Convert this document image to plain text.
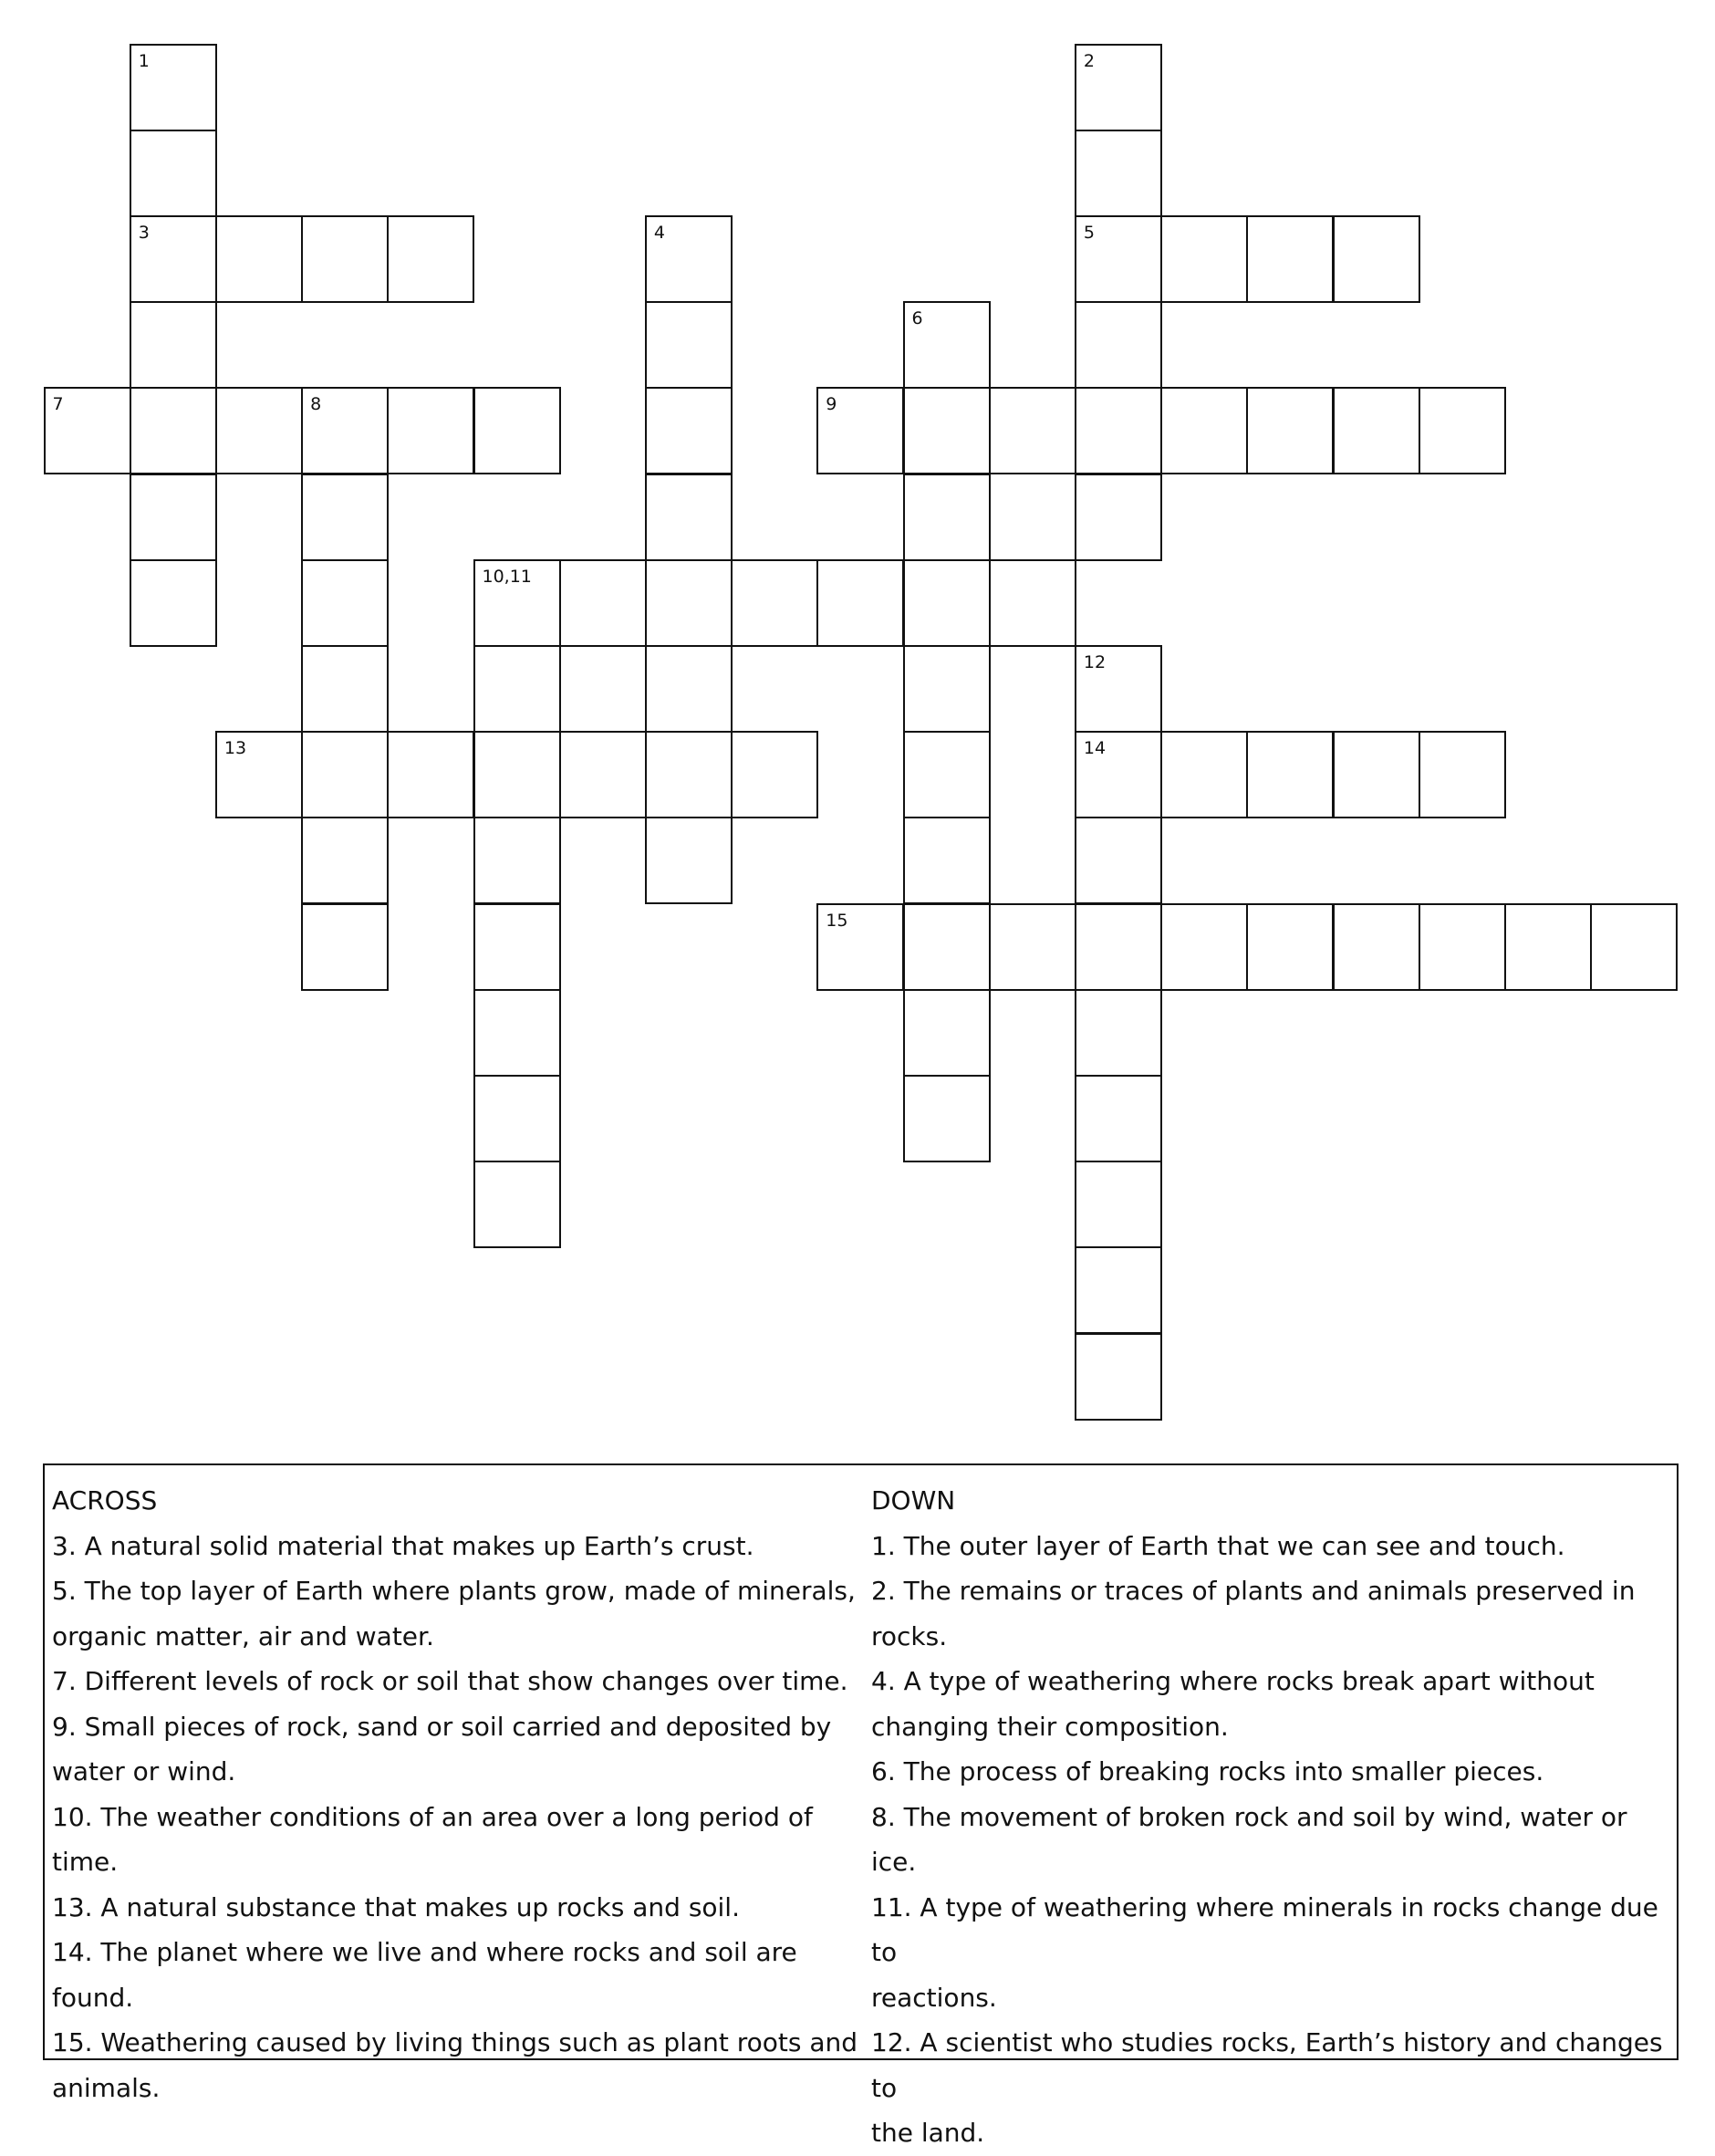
1	2
3	4	5
6
7	8	9
10,11
12
13	14
15
ACROSS
3. A natural solid material that makes up Earth’s crust.
5. The top layer of Earth where plants grow, made of minerals,
organic matter, air and water.
7. Different levels of rock or soil that show changes over time.
9. Small pieces of rock, sand or soil carried and deposited by
water or wind.
10. The weather conditions of an area over a long period of time.
13. A natural substance that makes up rocks and soil.
14. The planet where we live and where rocks and soil are found.
15. Weathering caused by living things such as plant roots and
animals.
DOWN
1. The outer layer of Earth that we can see and touch.
2. The remains or traces of plants and animals preserved in
rocks.
4. A type of weathering where rocks break apart without
changing their composition.
6. The process of breaking rocks into smaller pieces.
8. The movement of broken rock and soil by wind, water or ice.
11. A type of weathering where minerals in rocks change due to
reactions.
12. A scientist who studies rocks, Earth’s history and changes to
the land.
